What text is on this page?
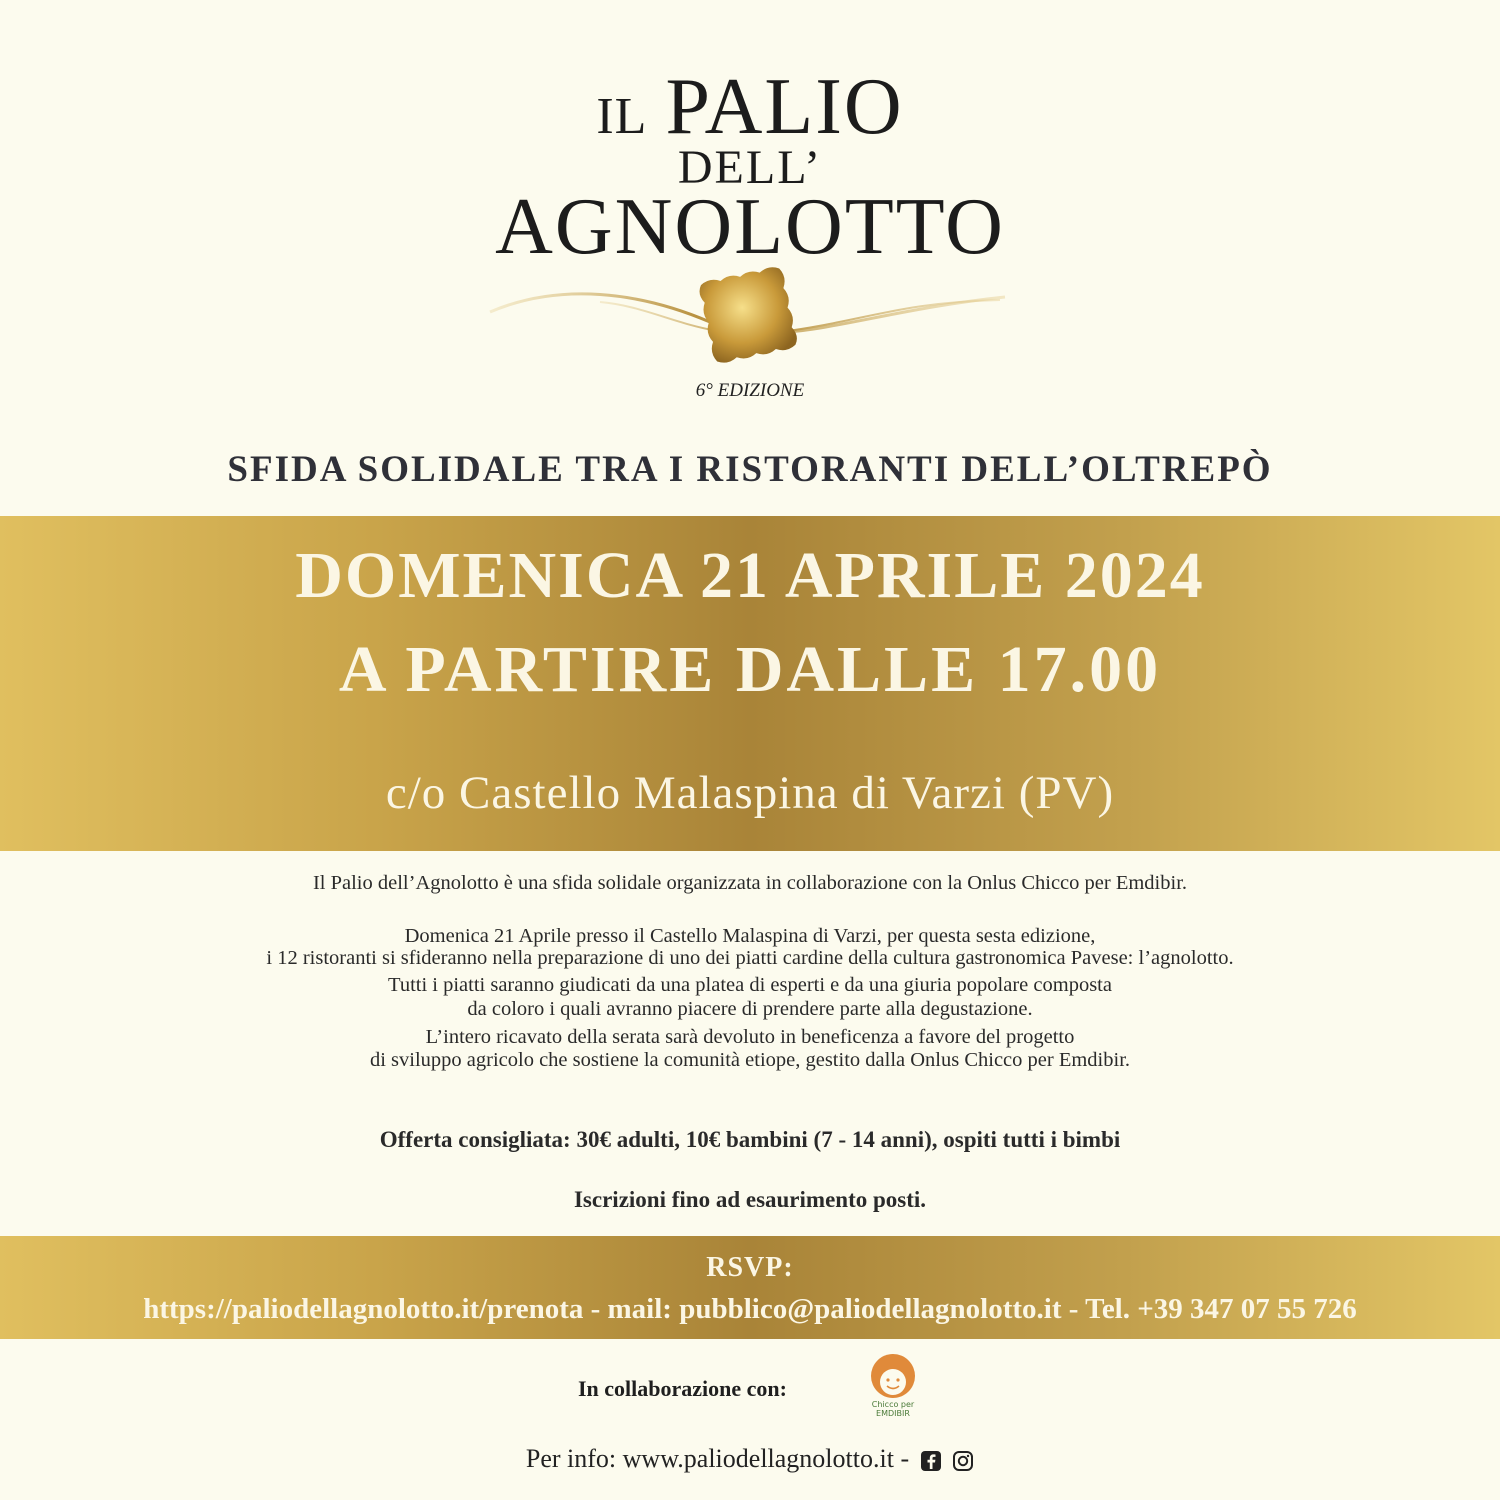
IL PALIO
DELL’
AGNOLOTTO
6° EDIZIONE
SFIDA SOLIDALE TRA I RISTORANTI DELL’OLTREPÒ
DOMENICA 21 APRILE 2024
A PARTIRE DALLE 17.00
c/o Castello Malaspina di Varzi (PV)
Il Palio dell’Agnolotto è una sfida solidale organizzata in collaborazione con la Onlus Chicco per Emdibir.
Domenica 21 Aprile presso il Castello Malaspina di Varzi, per questa sesta edizione,
i 12 ristoranti si sfideranno nella preparazione di uno dei piatti cardine della cultura gastronomica Pavese: l’agnolotto.
Tutti i piatti saranno giudicati da una platea di esperti e da una giuria popolare composta
da coloro i quali avranno piacere di prendere parte alla degustazione.
L’intero ricavato della serata sarà devoluto in beneficenza a favore del progetto
di sviluppo agricolo che sostiene la comunità etiope, gestito dalla Onlus Chicco per Emdibir.
Offerta consigliata: 30€ adulti, 10€ bambini (7 - 14 anni), ospiti tutti i bimbi
Iscrizioni fino ad esaurimento posti.
RSVP:
https://paliodellagnolotto.it/prenota - mail: pubblico@paliodellagnolotto.it - Tel. +39 347 07 55 726
In collaborazione con:
Chicco per
EMDIBIR
Per info: www.paliodellagnolotto.it -
